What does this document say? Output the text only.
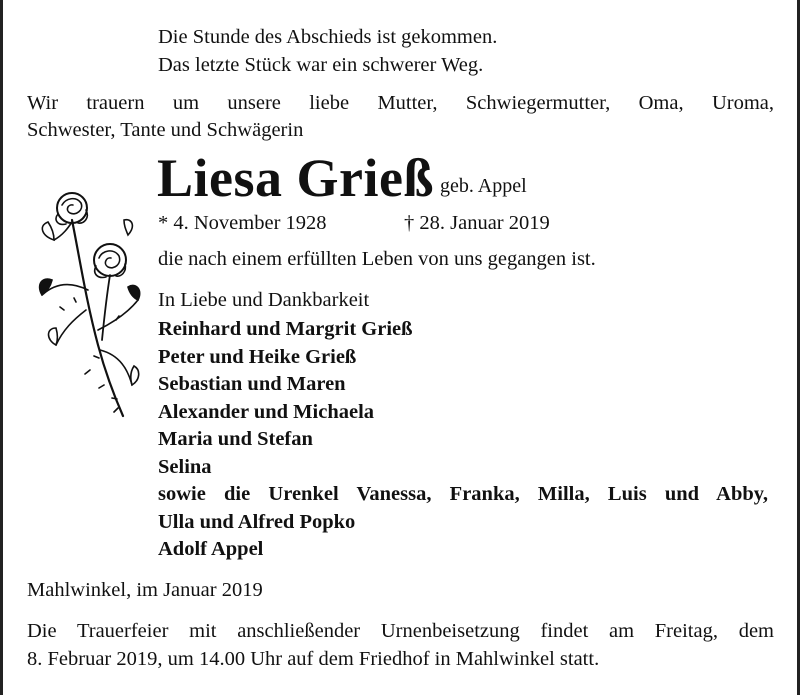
Die Stunde des Abschieds ist gekommen.
Das letzte Stück war ein schwerer Weg.
Wir trauern um unsere liebe Mutter, Schwiegermutter, Oma, Uroma,
Schwester, Tante und Schwägerin
Liesa Grieß geb. Appel
* 4. November 1928	† 28. Januar 2019
die nach einem erfüllten Leben von uns gegangen ist.
In Liebe und Dankbarkeit
Reinhard und Margrit Grieß
Peter und Heike Grieß
Sebastian und Maren
Alexander und Michaela
Maria und Stefan
Selina
sowie die Urenkel Vanessa, Franka, Milla, Luis und Abby,
Ulla und Alfred Popko
Adolf Appel
Mahlwinkel, im Januar 2019
Die Trauerfeier mit anschließender Urnenbeisetzung findet am Freitag, dem
8. Februar 2019, um 14.00 Uhr auf dem Friedhof in Mahlwinkel statt.
